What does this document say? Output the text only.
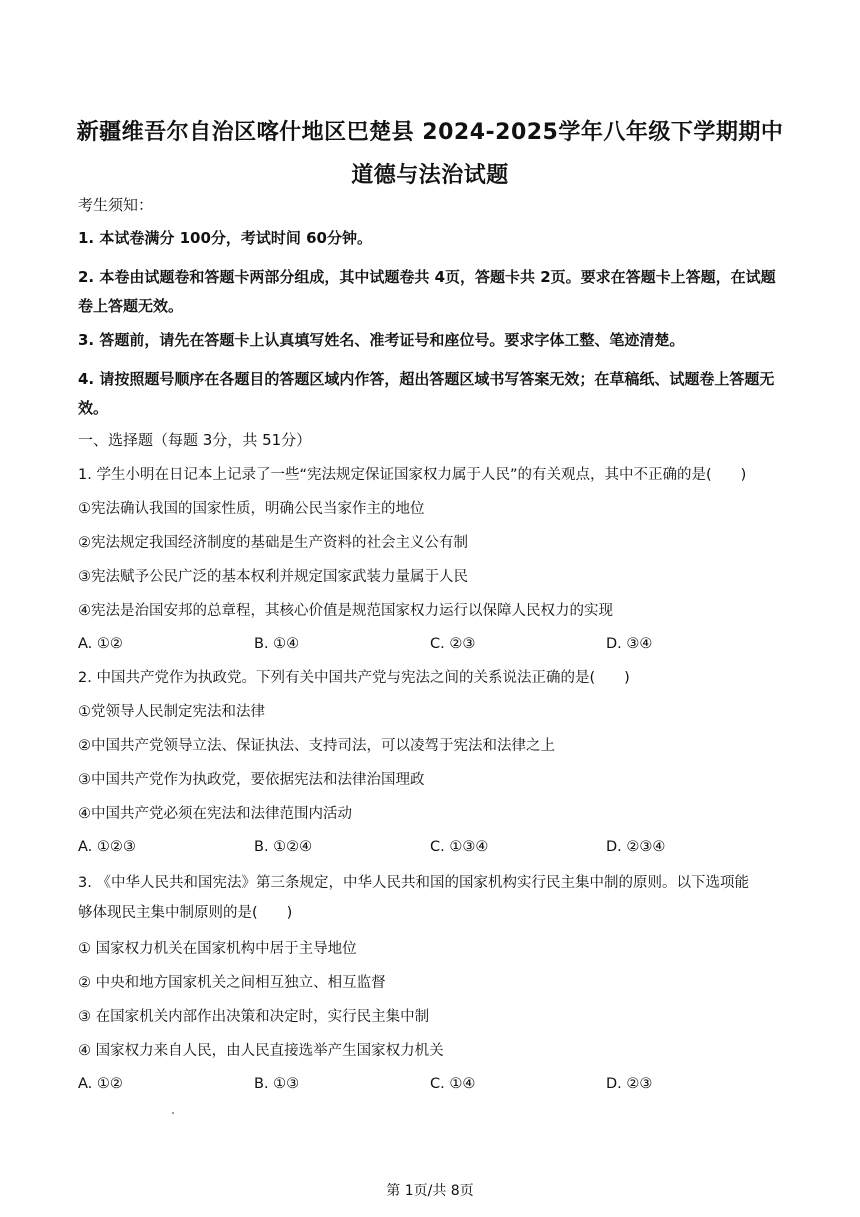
新疆维吾尔自治区喀什地区巴楚县 2024-2025学年八年级下学期期中
道德与法治试题
考生须知：
1. 本试卷满分 100分，考试时间 60分钟。
2. 本卷由试题卷和答题卡两部分组成，其中试题卷共 4页，答题卡共 2页。要求在答题卡上答题，在试题卷上答题无效。
3. 答题前，请先在答题卡上认真填写姓名、准考证号和座位号。要求字体工整、笔迹清楚。
4. 请按照题号顺序在各题目的答题区域内作答，超出答题区域书写答案无效；在草稿纸、试题卷上答题无效。
一、选择题（每题 3分，共 51分）
1. 学生小明在日记本上记录了一些“宪法规定保证国家权力属于人民”的有关观点，其中不正确的是(　　)
①宪法确认我国的国家性质，明确公民当家作主的地位
②宪法规定我国经济制度的基础是生产资料的社会主义公有制
③宪法赋予公民广泛的基本权利并规定国家武装力量属于人民
④宪法是治国安邦的总章程，其核心价值是规范国家权力运行以保障人民权力的实现
A. ①②	B. ①④	C. ②③	D. ③④
2. 中国共产党作为执政党。下列有关中国共产党与宪法之间的关系说法正确的是(　　)
①党领导人民制定宪法和法律
②中国共产党领导立法、保证执法、支持司法，可以凌驾于宪法和法律之上
③中国共产党作为执政党，要依据宪法和法律治国理政
④中国共产党必须在宪法和法律范围内活动
A. ①②③	B. ①②④	C. ①③④	D. ②③④
3. 《中华人民共和国宪法》第三条规定，中华人民共和国的国家机构实行民主集中制的原则。以下选项能
够体现民主集中制原则的是(　　)
① 国家权力机关在国家机构中居于主导地位
② 中央和地方国家机关之间相互独立、相互监督
③ 在国家机关内部作出决策和决定时，实行民主集中制
④ 国家权力来自人民，由人民直接选举产生国家权力机关
A. ①②	B. ①③	C. ①④	D. ②③
第 1页/共 8页
